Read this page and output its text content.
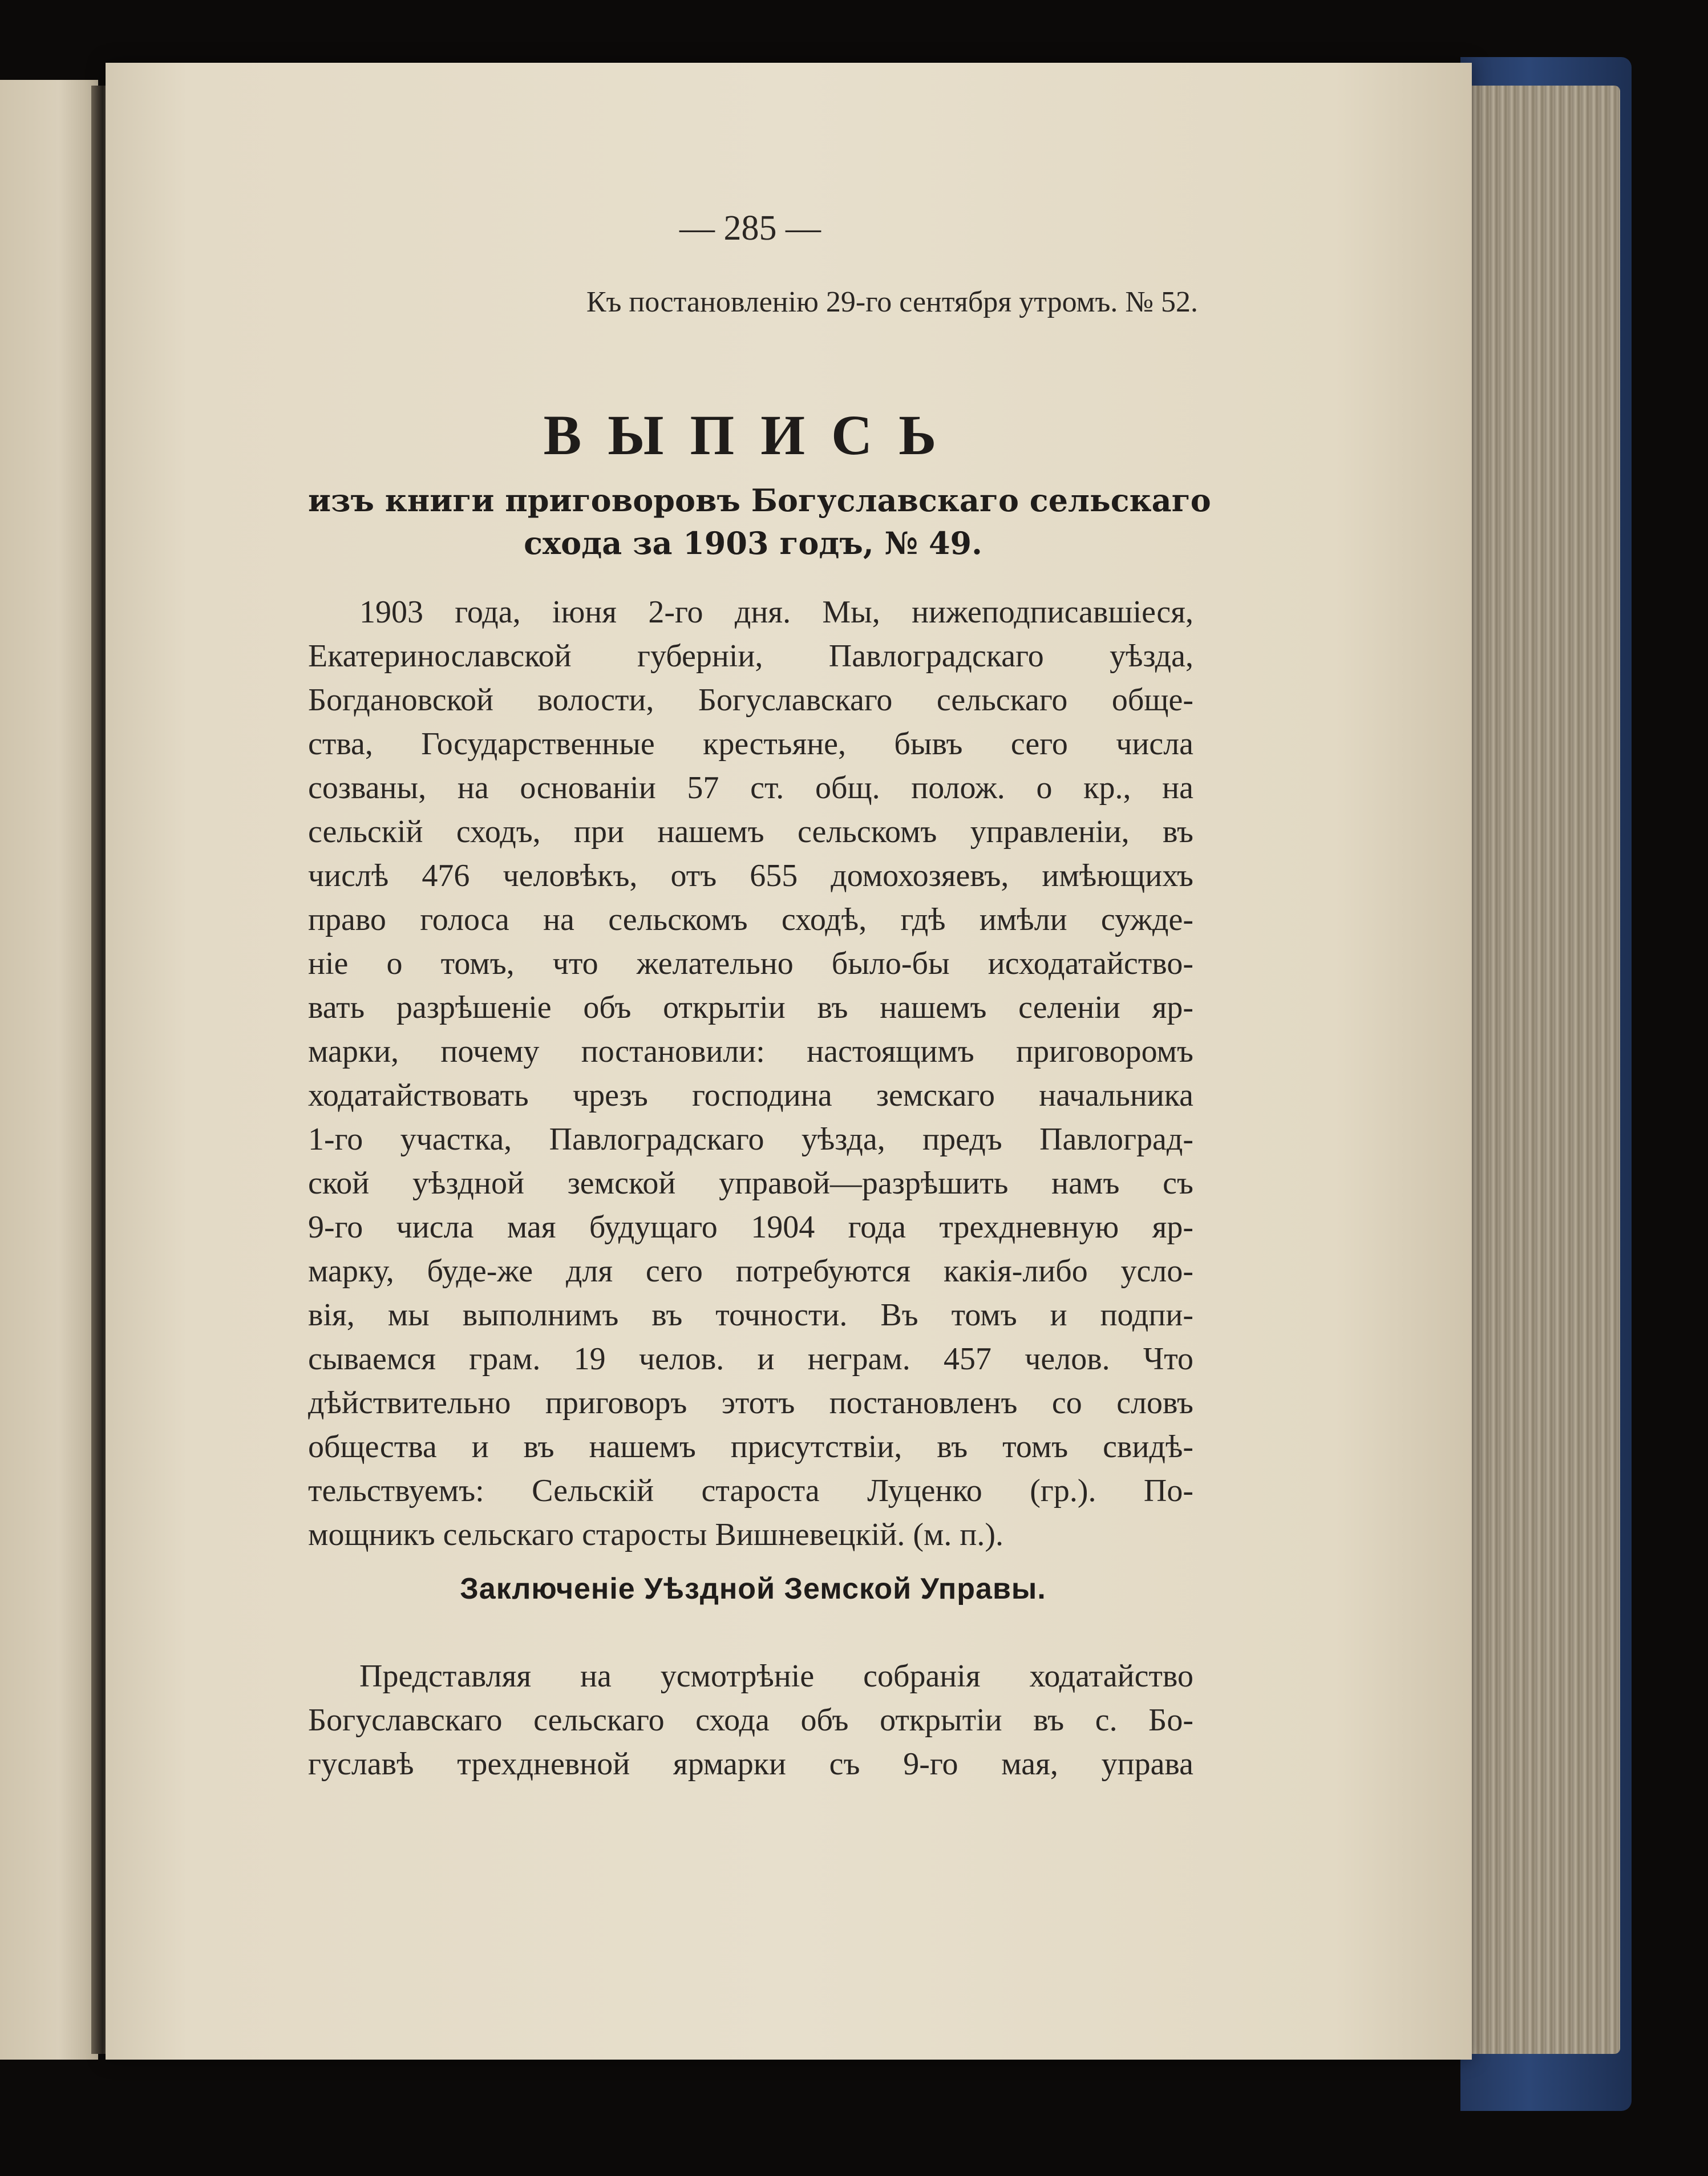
— 285 —
Къ постановленію 29-го сентября утромъ. № 52.
ВЫПИСЬ
изъ книги приговоровъ Богуславскаго сельскаго
схода за 1903 годъ, № 49.
1903 года, іюня 2-го дня. Мы, нижеподписавшіеся,
Екатеринославской губерніи, Павлоградскаго уѣзда,
Богдановской волости, Богуславскаго сельскаго обще-
ства, Государственные крестьяне, бывъ сего числа
созваны, на основаніи 57 ст. общ. полож. о кр., на
сельскій сходъ, при нашемъ сельскомъ управленіи, въ
числѣ 476 человѣкъ, отъ 655 домохозяевъ, имѣющихъ
право голоса на сельскомъ сходѣ, гдѣ имѣли сужде-
ніе о томъ, что желательно было-бы исходатайство-
вать разрѣшеніе объ открытіи въ нашемъ селеніи яр-
марки, почему постановили: настоящимъ приговоромъ
ходатайствовать чрезъ господина земскаго начальника
1-го участка, Павлоградскаго уѣзда, предъ Павлоград-
ской уѣздной земской управой—разрѣшить намъ съ
9-го числа мая будущаго 1904 года трехдневную яр-
марку, буде-же для сего потребуются какія-либо усло-
вія, мы выполнимъ въ точности. Въ томъ и подпи-
сываемся грам. 19 челов. и неграм. 457 челов. Что
дѣйствительно приговоръ этотъ постановленъ со словъ
общества и въ нашемъ присутствіи, въ томъ свидѣ-
тельствуемъ: Сельскій староста Луценко (гр.). По-
мощникъ сельскаго старосты Вишневецкій. (м. п.).
Заключеніе Уѣздной Земской Управы.
Представляя на усмотрѣніе собранія ходатайство
Богуславскаго сельскаго схода объ открытіи въ с. Бо-
гуславѣ трехдневной ярмарки съ 9-го мая, управа
